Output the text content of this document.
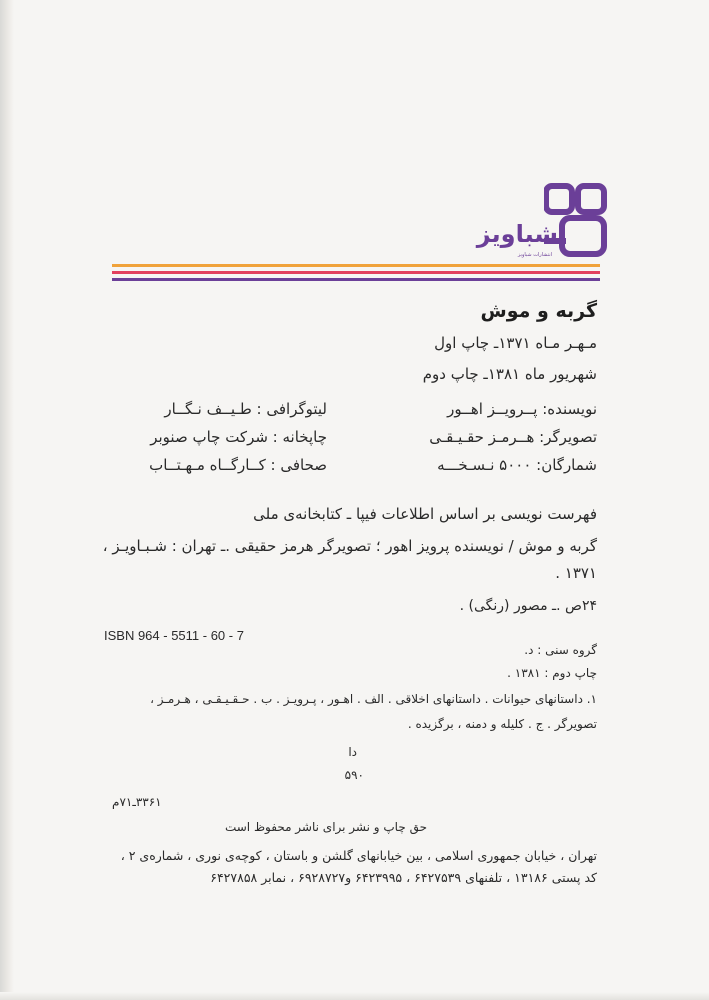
شباویز
انتشارات شباویز
گربه و موش
مـهـر مـاه ۱۳۷۱ـ چاپ اول
شهریور ماه ۱۳۸۱ـ چاپ دوم
نویسنده: پــرویــز اهــور
تصویرگر: هــرمـز حقـیـقـی
شمارگان: ۵۰۰۰ نـسـخـــه
لیتوگرافی : طـیــف نـگــار
چاپخانه : شرکت چاپ صنوبر
صحافی : کــارگــاه مـهـتــاب
فهرست نویسی بر اساس اطلاعات فیپا ـ کتابخانه‌ی ملی
گربه و موش / نویسنده پرویز اهور ؛ تصویرگر هرمز حقیقی .ـ تهران : شـبـاویـز ،
۱۳۷۱ .
۲۴ص .ـ مصور (رنگی) .
ISBN 964 - 5511 - 60 - 7
گروه سنی : د.
چاپ دوم : ۱۳۸۱ .
۱. داستانهای حیوانات . داستانهای اخلاقی . الف . اهـور ، پـرویـز . ب . حـقـیـقـی ، هـرمـز ،
تصویرگر . ج . کلیله و دمنه ، برگزیده .
دا
۵۹۰
۳۳۶۱ـ۷۱م
حق چاپ و نشر برای ناشر محفوظ است
تهران ، خیابان جمهوری اسلامی ، بین خیابانهای گلشن و باستان ، کوچه‌ی نوری ، شماره‌ی ۲ ،
کد پستی ۱۳۱۸۶ ، تلفنهای ۶۴۲۷۵۳۹ ، ۶۴۲۳۹۹۵ و۶۹۲۸۷۲۷ ، نمابر ۶۴۲۷۸۵۸
